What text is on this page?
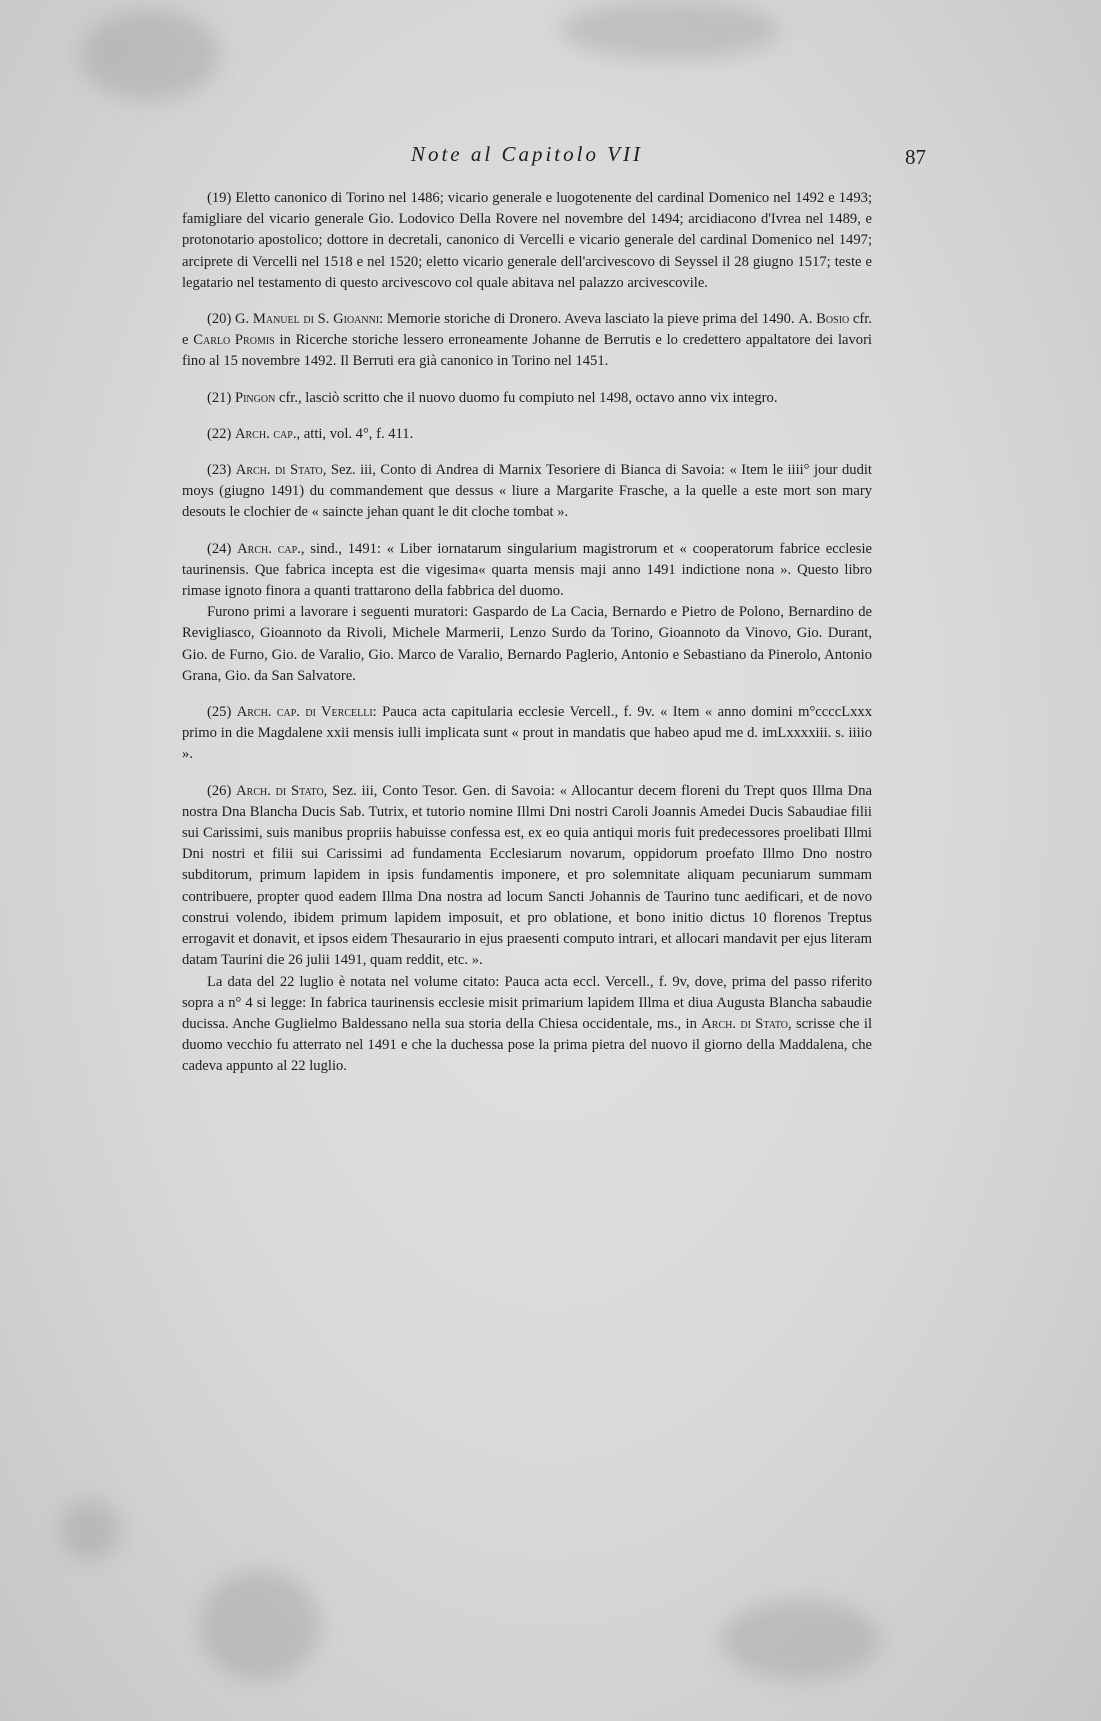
Note al Capitolo VII	87

(19) Eletto canonico di Torino nel 1486; vicario generale e luogotenente del cardinal Domenico nel 1492 e 1493; famigliare del vicario generale Gio. Lodovico Della Rovere nel novembre del 1494; arcidiacono d'Ivrea nel 1489, e protonotario apostolico; dottore in decretali, canonico di Vercelli e vicario generale del cardinal Domenico nel 1497; arciprete di Vercelli nel 1518 e nel 1520; eletto vicario generale dell'arcivescovo di Seyssel il 28 giugno 1517; teste e legatario nel testamento di questo arcivescovo col quale abitava nel palazzo arcivescovile.

(20) G. Manuel di S. Gioanni: Memorie storiche di Dronero. Aveva lasciato la pieve prima del 1490. A. Bosio cfr. e Carlo Promis in Ricerche storiche lessero erroneamente Johanne de Berrutis e lo credettero appaltatore dei lavori fino al 15 novembre 1492. Il Berruti era già canonico in Torino nel 1451.

(21) Pingon cfr., lasciò scritto che il nuovo duomo fu compiuto nel 1498, octavo anno vix integro.

(22) Arch. cap., atti, vol. 4°, f. 411.

(23) Arch. di Stato, Sez. iii, Conto di Andrea di Marnix Tesoriere di Bianca di Savoia: « Item le iiii° jour dudit moys (giugno 1491) du commandement que dessus « liure a Margarite Frasche, a la quelle a este mort son mary desouts le clochier de « saincte jehan quant le dit cloche tombat ».

(24) Arch. cap., sind., 1491: « Liber iornatarum singularium magistrorum et « cooperatorum fabrice ecclesie taurinensis. Que fabrica incepta est die vigesima« quarta mensis maji anno 1491 indictione nona ». Questo libro rimase ignoto finora a quanti trattarono della fabbrica del duomo.

Furono primi a lavorare i seguenti muratori: Gaspardo de La Cacia, Bernardo e Pietro de Polono, Bernardino de Revigliasco, Gioannoto da Rivoli, Michele Marmerii, Lenzo Surdo da Torino, Gioannoto da Vinovo, Gio. Durant, Gio. de Furno, Gio. de Varalio, Gio. Marco de Varalio, Bernardo Paglerio, Antonio e Sebastiano da Pinerolo, Antonio Grana, Gio. da San Salvatore.

(25) Arch. cap. di Vercelli: Pauca acta capitularia ecclesie Vercell., f. 9v. « Item « anno domini m°ccccLxxx primo in die Magdalene xxii mensis iulli implicata sunt « prout in mandatis que habeo apud me d. imLxxxxiii. s. iiiio ».

(26) Arch. di Stato, Sez. iii, Conto Tesor. Gen. di Savoia: « Allocantur decem floreni du Trept quos Illma Dna nostra Dna Blancha Ducis Sab. Tutrix, et tutorio nomine Illmi Dni nostri Caroli Joannis Amedei Ducis Sabaudiae filii sui Carissimi, suis manibus propriis habuisse confessa est, ex eo quia antiqui moris fuit predecessores proelibati Illmi Dni nostri et filii sui Carissimi ad fundamenta Ecclesiarum novarum, oppidorum proefato Illmo Dno nostro subditorum, primum lapidem in ipsis fundamentis imponere, et pro solemnitate aliquam pecuniarum summam contribuere, propter quod eadem Illma Dna nostra ad locum Sancti Johannis de Taurino tunc aedificari, et de novo construi volendo, ibidem primum lapidem imposuit, et pro oblatione, et bono initio dictus 10 florenos Treptus errogavit et donavit, et ipsos eidem Thesaurario in ejus praesenti computo intrari, et allocari mandavit per ejus literam datam Taurini die 26 julii 1491, quam reddit, etc. ».

La data del 22 luglio è notata nel volume citato: Pauca acta eccl. Vercell., f. 9v, dove, prima del passo riferito sopra a n° 4 si legge: In fabrica taurinensis ecclesie misit primarium lapidem Illma et diua Augusta Blancha sabaudie ducissa. Anche Guglielmo Baldessano nella sua storia della Chiesa occidentale, ms., in Arch. di Stato, scrisse che il duomo vecchio fu atterrato nel 1491 e che la duchessa pose la prima pietra del nuovo il giorno della Maddalena, che cadeva appunto al 22 luglio.
